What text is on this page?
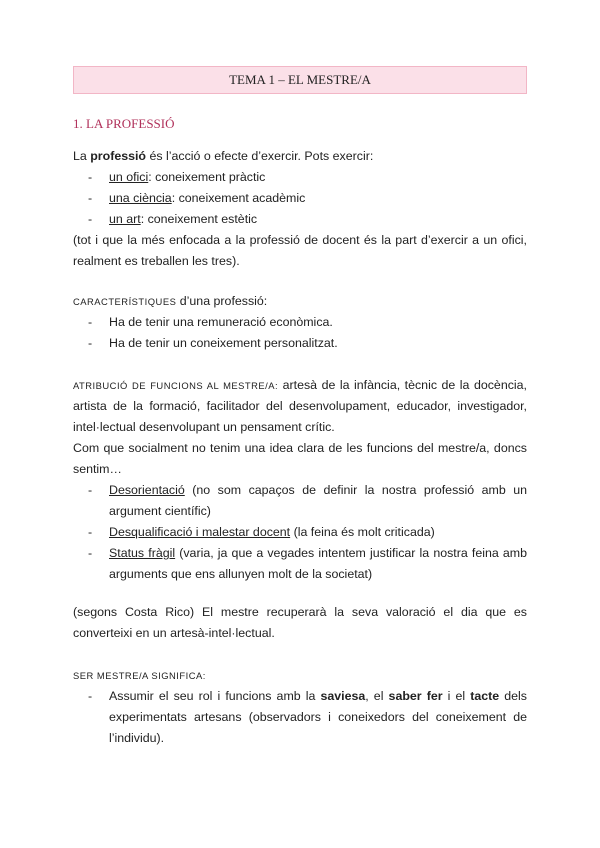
TEMA 1 – EL MESTRE/A
1. LA PROFESSIÓ

La professió és l’acció o efecte d’exercir. Pots exercir:

- un ofici: coneixement pràctic
- una ciència: coneixement acadèmic
- un art: coneixement estètic

(tot i que la més enfocada a la professió de docent és la part d’exercir a un ofici, realment es treballen les tres).

CARACTERÍSTIQUES d’una professió:

- Ha de tenir una remuneració econòmica.
- Ha de tenir un coneixement personalitzat.

ATRIBUCIÓ DE FUNCIONS AL MESTRE/A: artesà de la infància, tècnic de la docència, artista de la formació, facilitador del desenvolupament, educador, investigador, intel·lectual desenvolupant un pensament crític.

Com que socialment no tenim una idea clara de les funcions del mestre/a, doncs sentim…

- Desorientació (no som capaços de definir la nostra professió amb un argument científic)
- Desqualificació i malestar docent (la feina és molt criticada)
- Status fràgil (varia, ja que a vegades intentem justificar la nostra feina amb arguments que ens allunyen molt de la societat)

(segons Costa Rico) El mestre recuperarà la seva valoració el dia que es converteixi en un artesà-intel·lectual.

SER MESTRE/A SIGNIFICA:

- Assumir el seu rol i funcions amb la saviesa, el saber fer i el tacte dels experimentats artesans (observadors i coneixedors del coneixement de l’individu).
